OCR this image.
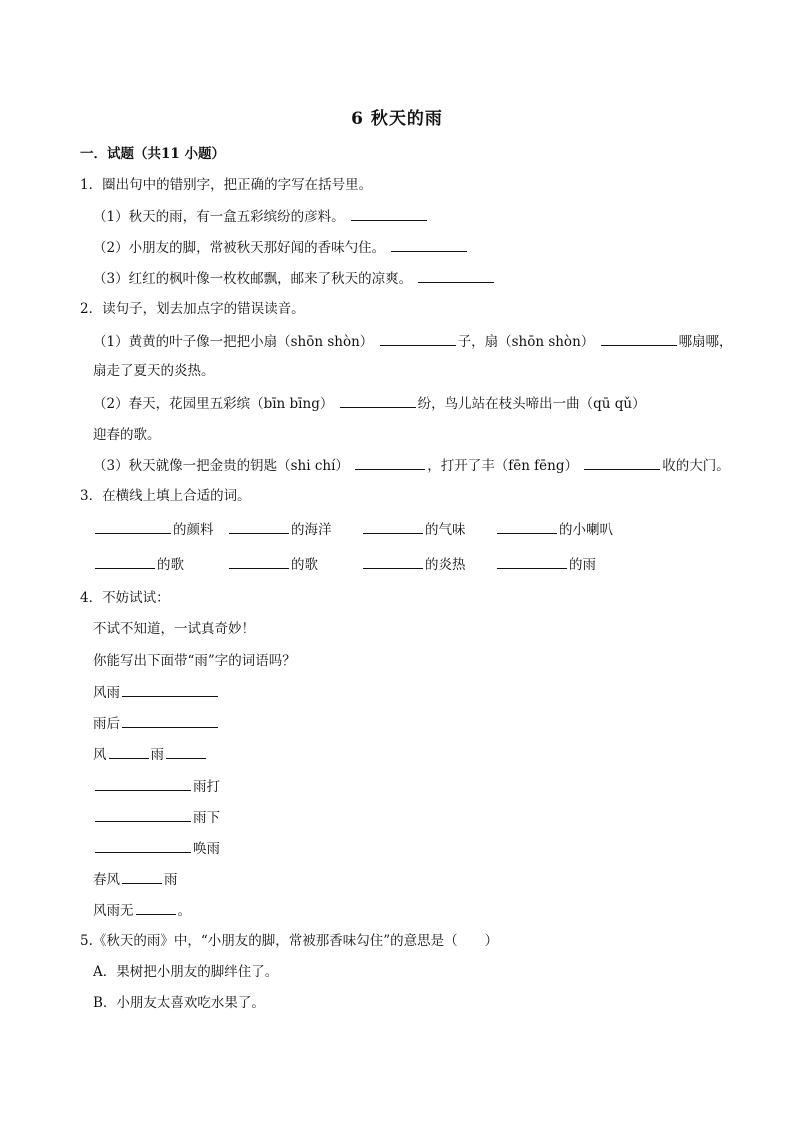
6 秋天的雨
一．试题（共11 小题）
1．圈出句中的错别字，把正确的字写在括号里。
（1）秋天的雨，有一盒五彩缤纷的彦料。
（2）小朋友的脚，常被秋天那好闻的香味勺住。
（3）红红的枫叶像一枚枚邮飘，邮来了秋天的凉爽。
2．读句子，划去加点字的错误读音。
（1）黄黄的叶子像一把把小扇（shōn shòn）	子，扇（shōn shòn）	哪扇哪，
扇走了夏天的炎热。
（2）春天，花园里五彩缤（bīn bīng）	纷，鸟儿站在枝头啼出一曲（qū qǔ）
迎春的歌。
（3）秋天就像一把金贵的钥匙（shi chí）	，打开了丰（fēn fēng）	收的大门。
3．在横线上填上合适的词。
的颜料	的海洋	的气味	的小喇叭
的歌	的歌	的炎热	的雨
4．不妨试试：
不试不知道，一试真奇妙！
你能写出下面带“雨”字的词语吗？
风雨
雨后
风	雨
雨打
雨下
唤雨
春风	雨
风雨无	。
5.《秋天的雨》中，“小朋友的脚，常被那香味勾住”的意思是（　　）
A．果树把小朋友的脚绊住了。
B．小朋友太喜欢吃水果了。
